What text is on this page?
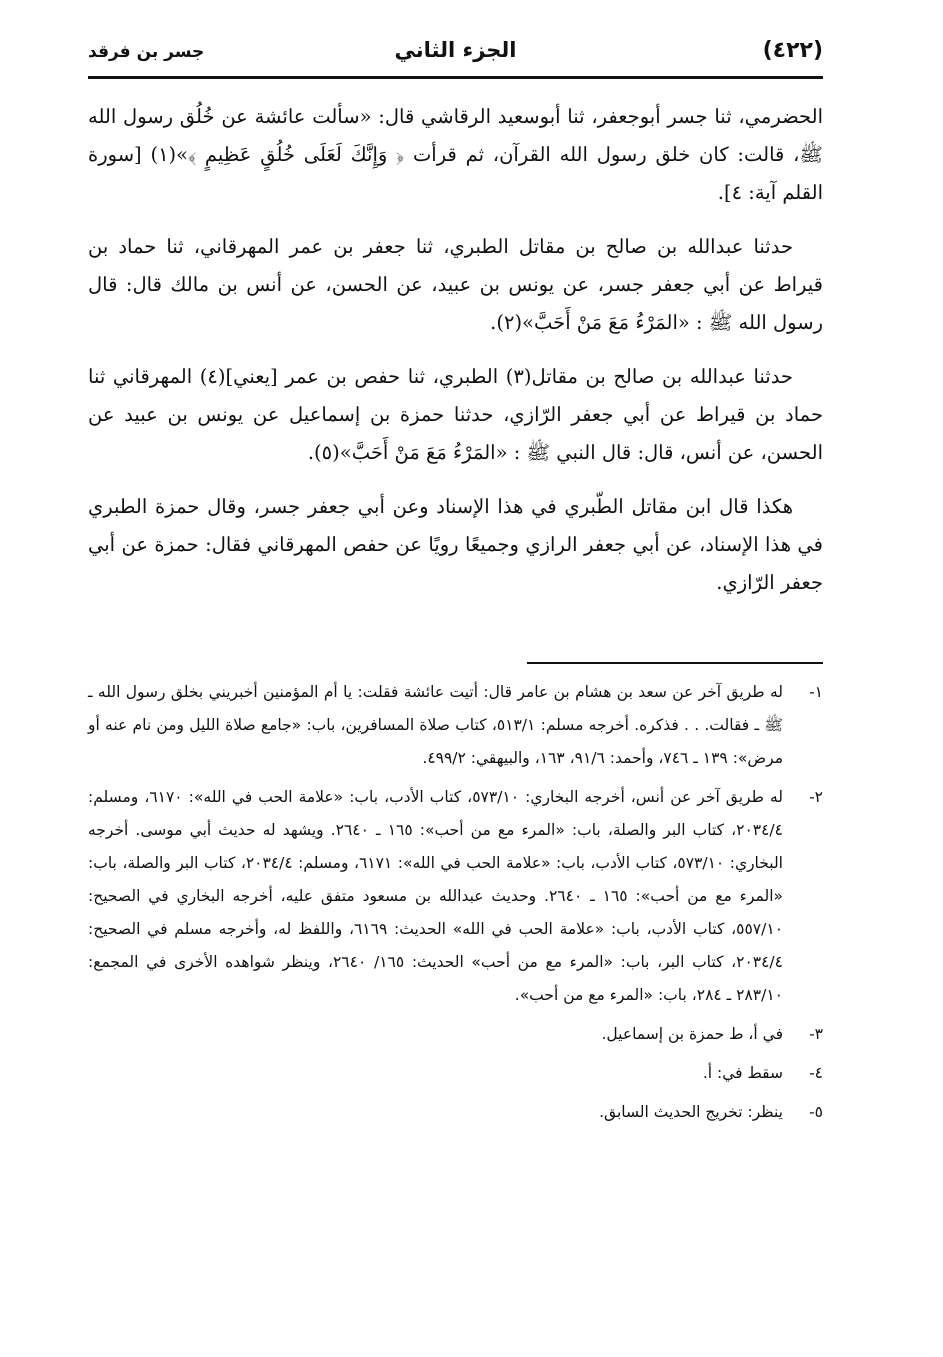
(٤٢٢)
الجزء الثاني
جسر بن فرقد

الحضرمي، ثنا جسر أبوجعفر، ثنا أبوسعيد الرقاشي قال: «سألت عائشة عن خُلُق رسول الله ﷺ، قالت: كان خلق رسول الله القرآن، ثم قرأت ﴿ وَإِنَّكَ لَعَلَى خُلُقٍ عَظِيمٍ ﴾»(١) [سورة القلم آية: ٤].

حدثنا عبدالله بن صالح بن مقاتل الطبري، ثنا جعفر بن عمر المهرقاني، ثنا حماد بن قيراط عن أبي جعفر جسر، عن يونس بن عبيد، عن الحسن، عن أنس بن مالك قال: قال رسول الله ﷺ : «المَرْءُ مَعَ مَنْ أَحَبَّ»(٢).

حدثنا عبدالله بن صالح بن مقاتل(٣) الطبري، ثنا حفص بن عمر [يعني](٤) المهرقاني ثنا حماد بن قيراط عن أبي جعفر الرّازي، حدثنا حمزة بن إسماعيل عن يونس بن عبيد عن الحسن، عن أنس، قال: قال النبي ﷺ : «المَرْءُ مَعَ مَنْ أَحَبَّ»(٥).

هكذا قال ابن مقاتل الطّبري في هذا الإسناد وعن أبي جعفر جسر، وقال حمزة الطبري في هذا الإسناد، عن أبي جعفر الرازي وجميعًا رويًا عن حفص المهرقاني فقال: حمزة عن أبي جعفر الرّازي.

١-
له طريق آخر عن سعد بن هشام بن عامر قال: أتيت عائشة فقلت: يا أم المؤمنين أخبريني بخلق رسول الله ـ ﷺ ـ فقالت. . . فذكره. أخرجه مسلم: ٥١٣/١، كتاب صلاة المسافرين، باب: «جامع صلاة الليل ومن نام عنه أو مرض»: ١٣٩ ـ ٧٤٦، وأحمد: ٩١/٦، ١٦٣، والبيهقي: ٤٩٩/٢.
٢-
له طريق آخر عن أنس، أخرجه البخاري: ٥٧٣/١٠، كتاب الأدب، باب: «علامة الحب في الله»: ٦١٧٠، ومسلم: ٢٠٣٤/٤، كتاب البر والصلة، باب: «المرء مع من أحب»: ١٦٥ ـ ٢٦٤٠. ويشهد له حديث أبي موسى. أخرجه البخاري: ٥٧٣/١٠، كتاب الأدب، باب: «علامة الحب في الله»: ٦١٧١، ومسلم: ٢٠٣٤/٤، كتاب البر والصلة، باب: «المرء مع من أحب»: ١٦٥ ـ ٢٦٤٠. وحديث عبدالله بن مسعود متفق عليه، أخرجه البخاري في الصحيح: ٥٥٧/١٠، كتاب الأدب، باب: «علامة الحب في الله» الحديث: ٦١٦٩، واللفظ له، وأخرجه مسلم في الصحيح: ٢٠٣٤/٤، كتاب البر، باب: «المرء مع من أحب» الحديث: ١٦٥/ ٢٦٤٠، وينظر شواهده الأخرى في المجمع: ٢٨٣/١٠ ـ ٢٨٤، باب: «المرء مع من أحب».
٣-
في أ، ط حمزة بن إسماعيل.
٤-
سقط في: أ.
٥-
ينظر: تخريج الحديث السابق.
